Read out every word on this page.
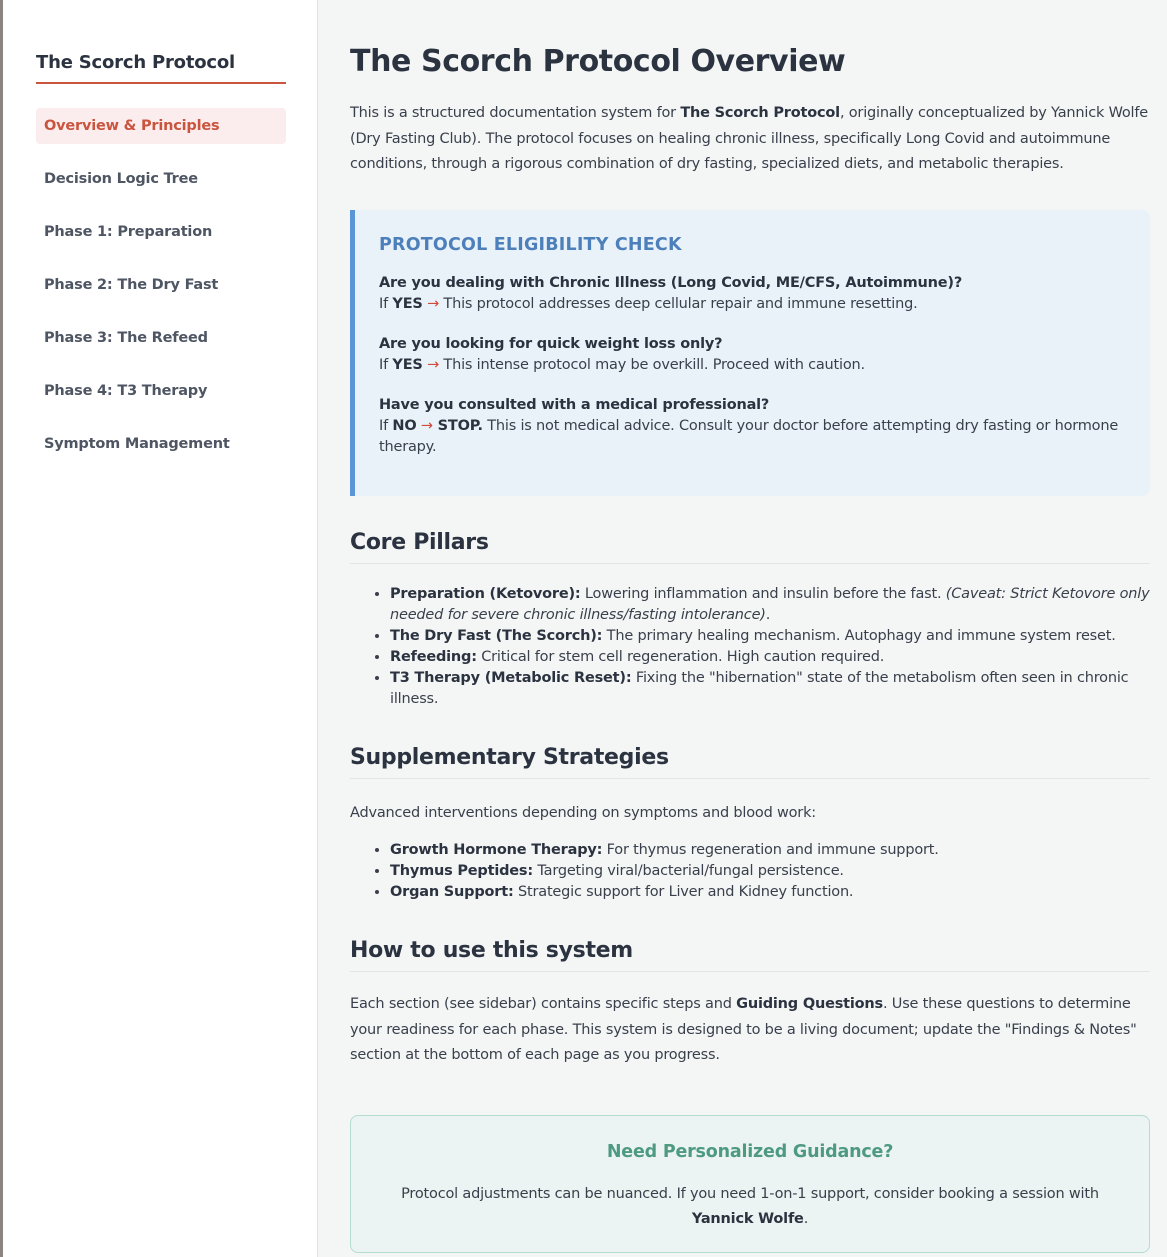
The Scorch Protocol
Overview & Principles
Decision Logic Tree
Phase 1: Preparation
Phase 2: The Dry Fast
Phase 3: The Refeed
Phase 4: T3 Therapy
Symptom Management
The Scorch Protocol Overview

This is a structured documentation system for The Scorch Protocol, originally conceptualized by Yannick Wolfe (Dry Fasting Club). The protocol focuses on healing chronic illness, specifically Long Covid and autoimmune conditions, through a rigorous combination of dry fasting, specialized diets, and metabolic therapies.

PROTOCOL ELIGIBILITY CHECK
Are you dealing with Chronic Illness (Long Covid, ME/CFS, Autoimmune)?
If YES → This protocol addresses deep cellular repair and immune resetting.
Are you looking for quick weight loss only?
If YES → This intense protocol may be overkill. Proceed with caution.
Have you consulted with a medical professional?
If NO → STOP. This is not medical advice. Consult your doctor before attempting dry fasting or hormone therapy.
Core Pillars
• Preparation (Ketovore): Lowering inflammation and insulin before the fast. (Caveat: Strict Ketovore only needed for severe chronic illness/fasting intolerance).
• The Dry Fast (The Scorch): The primary healing mechanism. Autophagy and immune system reset.
• Refeeding: Critical for stem cell regeneration. High caution required.
• T3 Therapy (Metabolic Reset): Fixing the "hibernation" state of the metabolism often seen in chronic illness.
Supplementary Strategies

Advanced interventions depending on symptoms and blood work:

• Growth Hormone Therapy: For thymus regeneration and immune support.
• Thymus Peptides: Targeting viral/bacterial/fungal persistence.
• Organ Support: Strategic support for Liver and Kidney function.
How to use this system

Each section (see sidebar) contains specific steps and Guiding Questions. Use these questions to determine your readiness for each phase. This system is designed to be a living document; update the "Findings & Notes" section at the bottom of each page as you progress.

Need Personalized Guidance?

Protocol adjustments can be nuanced. If you need 1-on-1 support, consider booking a session with Yannick Wolfe.
